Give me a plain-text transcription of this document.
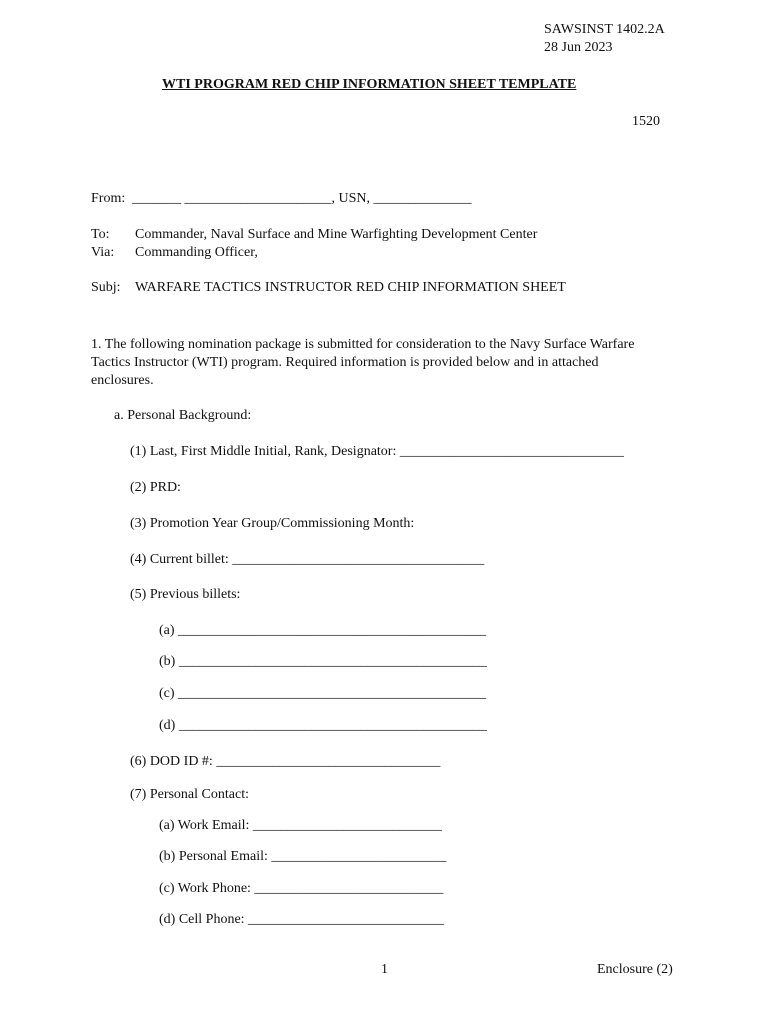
SAWSINST 1402.2A
28 Jun 2023
WTI PROGRAM RED CHIP INFORMATION SHEET TEMPLATE
1520
From: _______ _____________________, USN, ______________
To: Commander, Naval Surface and Mine Warfighting Development Center
Via: Commanding Officer,
Subj: WARFARE TACTICS INSTRUCTOR RED CHIP INFORMATION SHEET
1. The following nomination package is submitted for consideration to the Navy Surface Warfare
Tactics Instructor (WTI) program. Required information is provided below and in attached
enclosures.
a. Personal Background:
(1) Last, First Middle Initial, Rank, Designator: ________________________________
(2) PRD:
(3) Promotion Year Group/Commissioning Month:
(4) Current billet: ____________________________________
(5) Previous billets:
(a) ____________________________________________
(b) ____________________________________________
(c) ____________________________________________
(d) ____________________________________________
(6) DOD ID #: ________________________________
(7) Personal Contact:
(a) Work Email: ___________________________
(b) Personal Email: _________________________
(c) Work Phone: ___________________________
(d) Cell Phone: ____________________________
1	Enclosure (2)
